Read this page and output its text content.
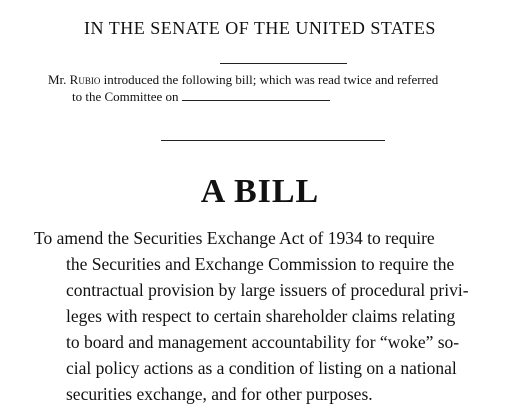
IN THE SENATE OF THE UNITED STATES
Mr. Rubio introduced the following bill; which was read twice and referred
to the Committee on
A BILL
To amend the Securities Exchange Act of 1934 to require
the Securities and Exchange Commission to require the
contractual provision by large issuers of procedural privi-
leges with respect to certain shareholder claims relating
to board and management accountability for “woke” so-
cial policy actions as a condition of listing on a national
securities exchange, and for other purposes.
